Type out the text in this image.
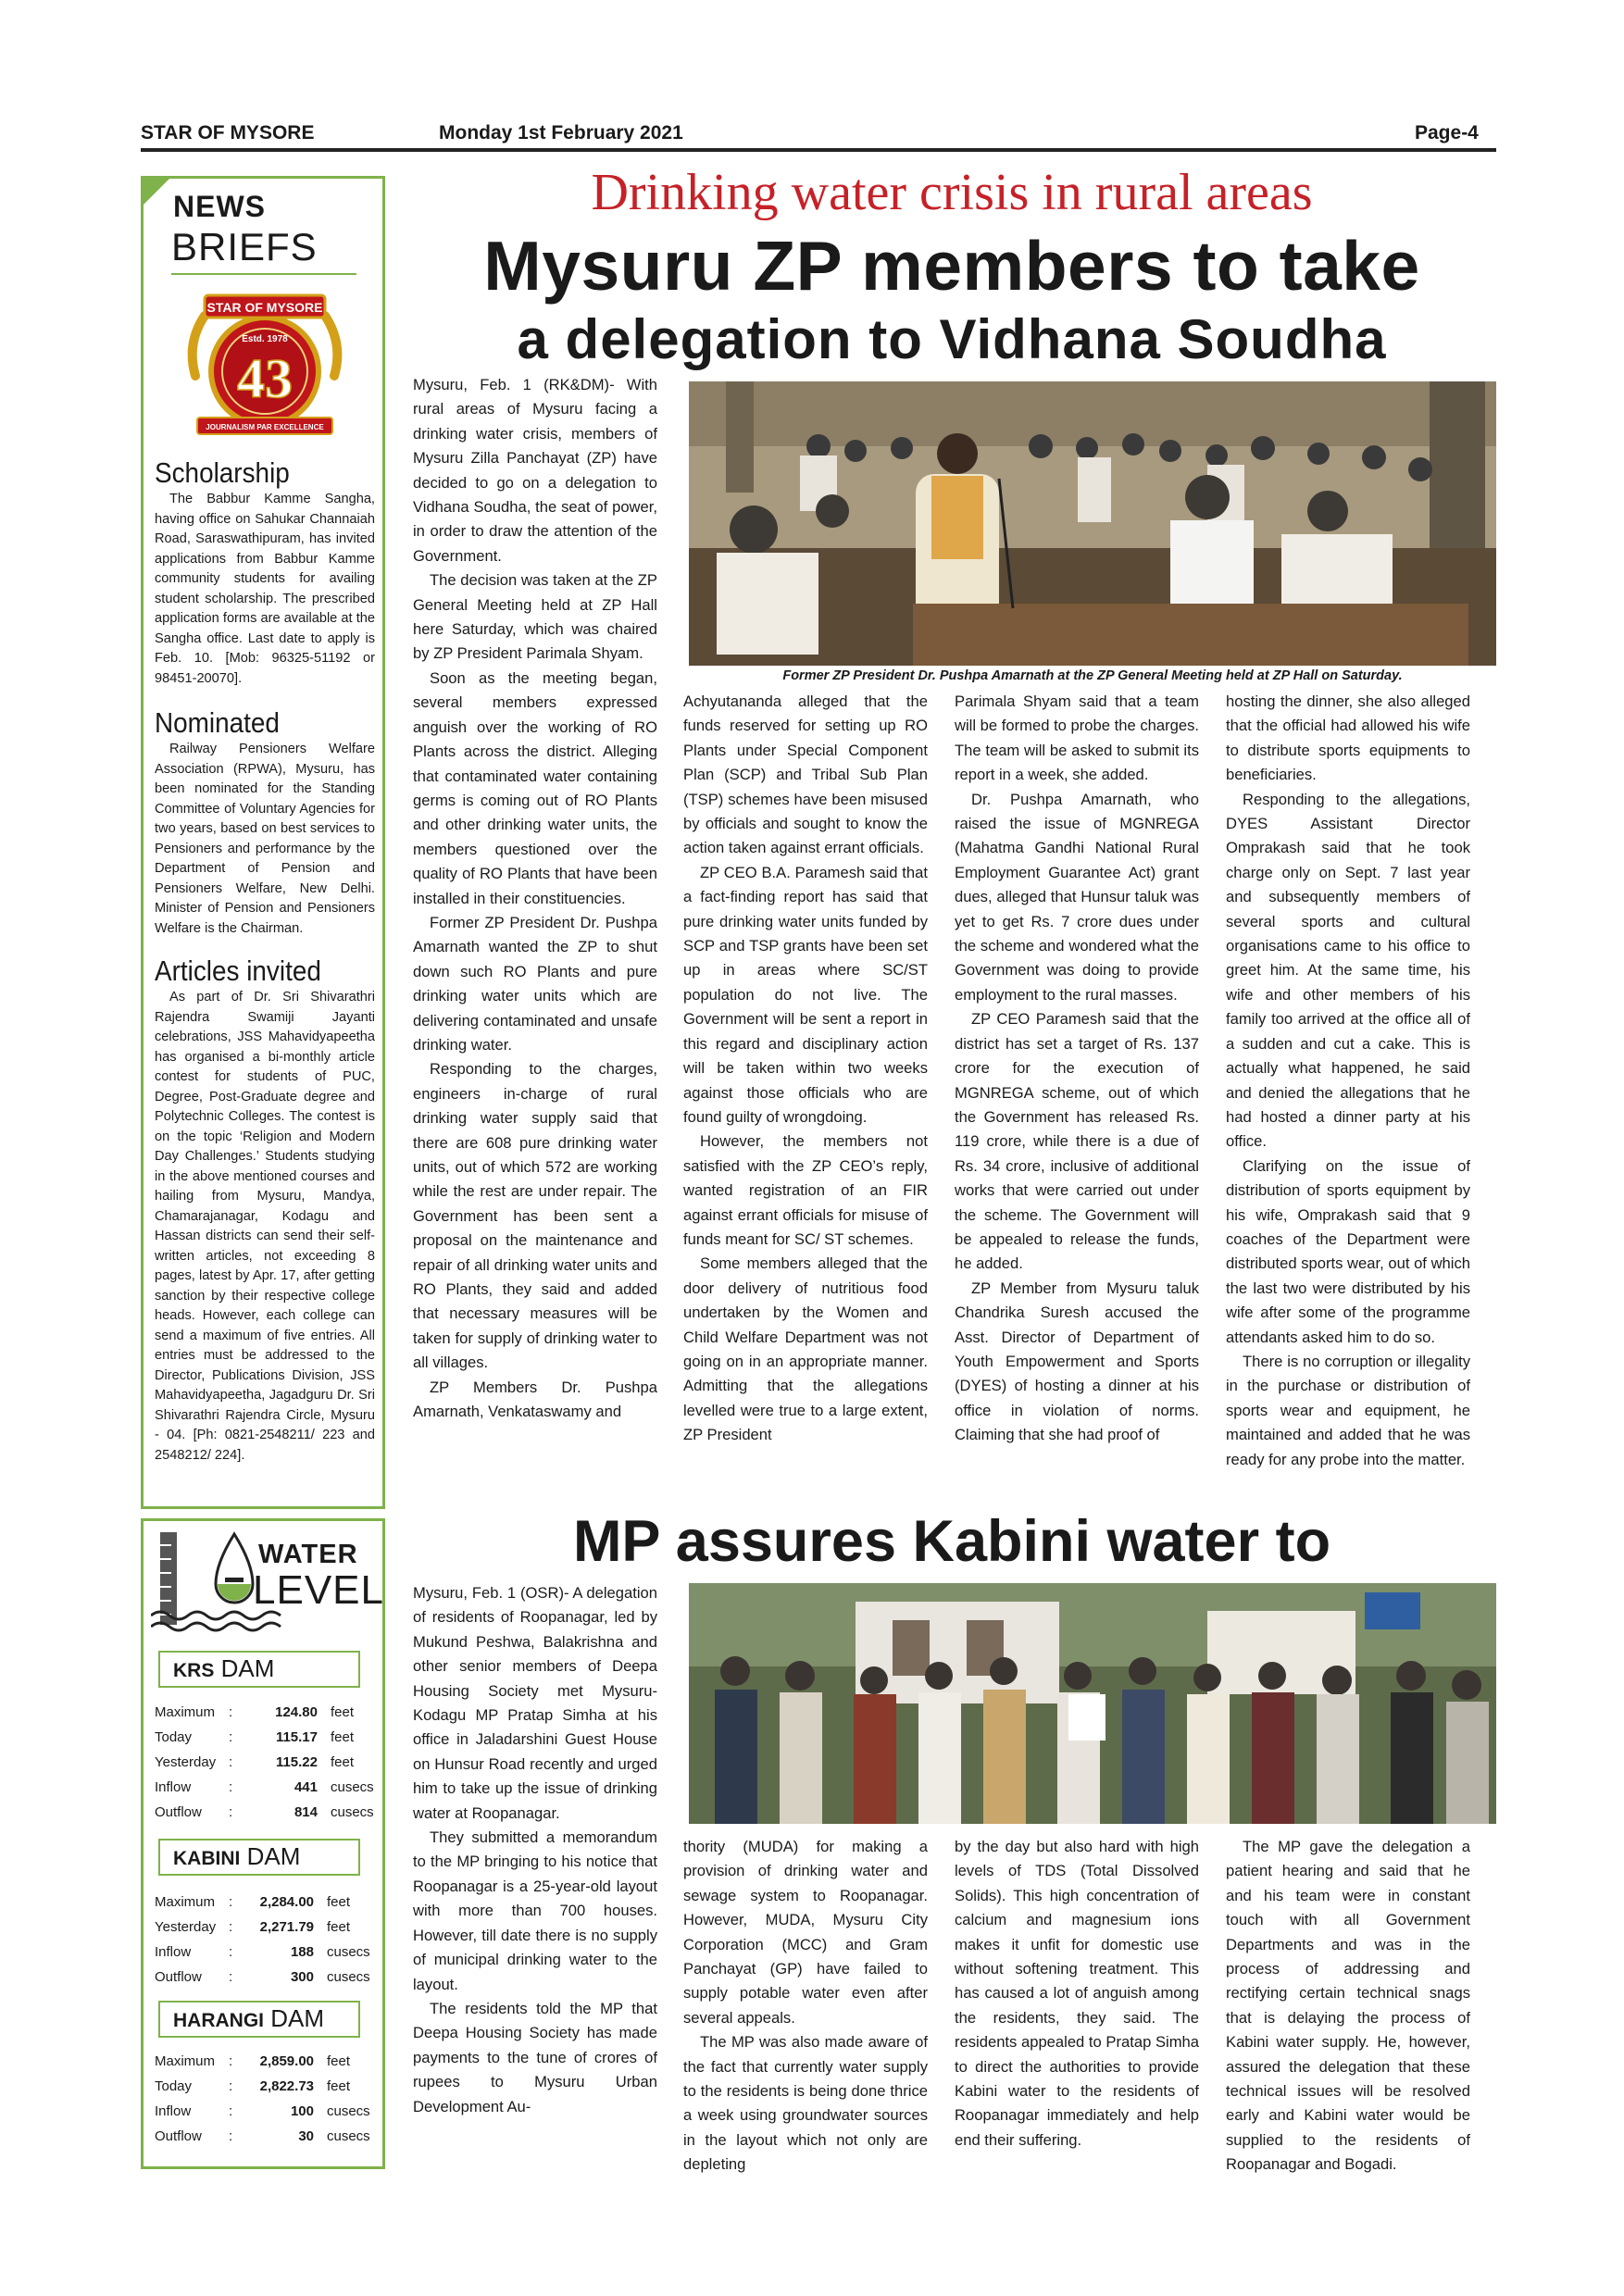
STAR OF MYSORE	Monday 1st February 2021	Page-4
NEWS
BRIEFS
STAR OF MYSORE
Estd. 1978
43
JOURNALISM PAR EXCELLENCE
Scholarship

The Babbur Kamme Sangha, having office on Sahukar Channaiah Road, Saraswathipuram, has invited applications from Babbur Kamme community students for availing student scholarship. The prescribed application forms are available at the Sangha office. Last date to apply is Feb. 10. [Mob: 96325-51192 or 98451-20070].

Nominated

Railway Pensioners Welfare Association (RPWA), Mysuru, has been nominated for the Standing Committee of Voluntary Agencies for two years, based on best services to Pensioners and performance by the Department of Pension and Pensioners Welfare, New Delhi. Minister of Pension and Pensioners Welfare is the Chairman.

Articles invited

As part of Dr. Sri Shivarathri Rajendra Swamiji Jayanti celebrations, JSS Mahavidyapeetha has organised a bi-monthly article contest for students of PUC, Degree, Post-Graduate degree and Polytechnic Colleges. The contest is on the topic ‘Religion and Modern Day Challenges.’ Students studying in the above mentioned courses and hailing from Mysuru, Mandya, Chamarajanagar, Kodagu and Hassan districts can send their self-written articles, not exceeding 8 pages, latest by Apr. 17, after getting sanction by their respective college heads. However, each college can send a maximum of five entries. All entries must be addressed to the Director, Publications Division, JSS Mahavidyapeetha, Jagadguru Dr. Sri Shivarathri Rajendra Circle, Mysuru - 04. [Ph: 0821-2548211/ 223 and 2548212/ 224].

WATER
LEVEL
KRS DAM
Maximum :	124.80 feet
Today	:	115.17 feet
Yesterday :	115.22 feet
Inflow	:	441 cusecs
Outflow :	814 cusecs
KABINI DAM
Maximum : 2,284.00 feet
Yesterday : 2,271.79 feet
Inflow	:	188 cusecs
Outflow :	300 cusecs
HARANGI DAM
Maximum : 2,859.00 feet
Today	: 2,822.73 feet
Inflow	:	100 cusecs
Outflow :	30 cusecs
Drinking water crisis in rural areas
Mysuru ZP members to take
a delegation to Vidhana Soudha
Former ZP President Dr. Pushpa Amarnath at the ZP General Meeting held at ZP Hall on Saturday.

Mysuru, Feb. 1 (RK&DM)- With rural areas of Mysuru facing a drinking water crisis, members of Mysuru Zilla Panchayat (ZP) have decided to go on a delegation to Vidhana Soudha, the seat of power, in order to draw the attention of the Government.

The decision was taken at the ZP General Meeting held at ZP Hall here Saturday, which was chaired by ZP President Parimala Shyam.

Soon as the meeting began, several members expressed anguish over the working of RO Plants across the district. Alleging that contaminated water containing germs is coming out of RO Plants and other drinking water units, the members questioned over the quality of RO Plants that have been installed in their constituencies.

Former ZP President Dr. Pushpa Amarnath wanted the ZP to shut down such RO Plants and pure drinking water units which are delivering contaminated and unsafe drinking water.

Responding to the charges, engineers in-charge of rural drinking water supply said that there are 608 pure drinking water units, out of which 572 are working while the rest are under repair. The Government has been sent a proposal on the maintenance and repair of all drinking water units and RO Plants, they said and added that necessary measures will be taken for supply of drinking water to all villages.

ZP Members Dr. Pushpa Amarnath, Venkataswamy and

Achyutananda alleged that the funds reserved for setting up RO Plants under Special Component Plan (SCP) and Tribal Sub Plan (TSP) schemes have been misused by officials and sought to know the action taken against errant officials.

ZP CEO B.A. Paramesh said that a fact-finding report has said that pure drinking water units funded by SCP and TSP grants have been set up in areas where SC/ST population do not live. The Government will be sent a report in this regard and disciplinary action will be taken within two weeks against those officials who are found guilty of wrongdoing.

However, the members not satisfied with the ZP CEO’s reply, wanted registration of an FIR against errant officials for misuse of funds meant for SC/ ST schemes.

Some members alleged that the door delivery of nutritious food undertaken by the Women and Child Welfare Department was not going on in an appropriate manner. Admitting that the allegations levelled were true to a large extent, ZP President

Parimala Shyam said that a team will be formed to probe the charges. The team will be asked to submit its report in a week, she added.

Dr. Pushpa Amarnath, who raised the issue of MGNREGA (Mahatma Gandhi National Rural Employment Guarantee Act) grant dues, alleged that Hunsur taluk was yet to get Rs. 7 crore dues under the scheme and wondered what the Government was doing to provide employment to the rural masses.

ZP CEO Paramesh said that the district has set a target of Rs. 137 crore for the execution of MGNREGA scheme, out of which the Government has released Rs. 119 crore, while there is a due of Rs. 34 crore, inclusive of additional works that were carried out under the scheme. The Government will be appealed to release the funds, he added.

ZP Member from Mysuru taluk Chandrika Suresh accused the Asst. Director of Department of Youth Empowerment and Sports (DYES) of hosting a dinner at his office in violation of norms. Claiming that she had proof of

hosting the dinner, she also alleged that the official had allowed his wife to distribute sports equipments to beneficiaries.

Responding to the allegations, DYES Assistant Director Omprakash said that he took charge only on Sept. 7 last year and subsequently members of several sports and cultural organisations came to his office to greet him. At the same time, his wife and other members of his family too arrived at the office all of a sudden and cut a cake. This is actually what happened, he said and denied the allegations that he had hosted a dinner party at his office.

Clarifying on the issue of distribution of sports equipment by his wife, Omprakash said that 9 coaches of the Department were distributed sports wear, out of which the last two were distributed by his wife after some of the programme attendants asked him to do so.

There is no corruption or illegality in the purchase or distribution of sports wear and equipment, he maintained and added that he was ready for any probe into the matter.

MP assures Kabini water to

Mysuru, Feb. 1 (OSR)- A delegation of residents of Roopanagar, led by Mukund Peshwa, Balakrishna and other senior members of Deepa Housing Society met Mysuru-Kodagu MP Pratap Simha at his office in Jaladarshini Guest House on Hunsur Road recently and urged him to take up the issue of drinking water at Roopanagar.

They submitted a memorandum to the MP bringing to his notice that Roopanagar is a 25-year-old layout with more than 700 houses. However, till date there is no supply of municipal drinking water to the layout.

The residents told the MP that Deepa Housing Society has made payments to the tune of crores of rupees to Mysuru Urban Development Au-

thority (MUDA) for making a provision of drinking water and sewage system to Roopanagar. However, MUDA, Mysuru City Corporation (MCC) and Gram Panchayat (GP) have failed to supply potable water even after several appeals.

The MP was also made aware of the fact that currently water supply to the residents is being done thrice a week using groundwater sources in the layout which not only are depleting

by the day but also hard with high levels of TDS (Total Dissolved Solids). This high concentration of calcium and magnesium ions makes it unfit for domestic use without softening treatment. This has caused a lot of anguish among the residents, they said. The residents appealed to Pratap Simha to direct the authorities to provide Kabini water to the residents of Roopanagar immediately and help end their suffering.

The MP gave the delegation a patient hearing and said that he and his team were in constant touch with all Government Departments and was in the process of addressing and rectifying certain technical snags that is delaying the process of Kabini water supply. He, however, assured the delegation that these technical issues will be resolved early and Kabini water would be supplied to the residents of Roopanagar and Bogadi.
